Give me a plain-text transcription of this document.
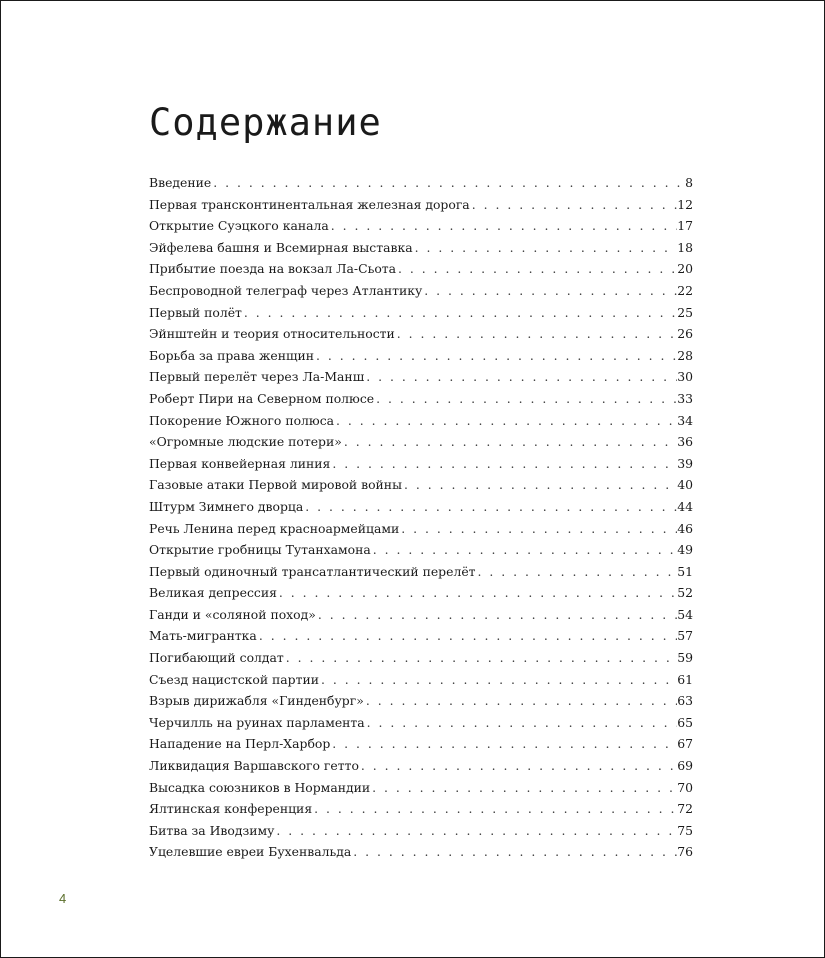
Содержание
Введение . . .	8
Первая трансконтинентальная железная дорога . . .	12
Открытие Суэцкого канала . . .	17
Эйфелева башня и Всемирная выставка . . .	18
Прибытие поезда на вокзал Ла-Сьота . . .	20
Беспроводной телеграф через Атлантику . . .	22
Первый полёт . . .	25
Эйнштейн и теория относительности . . .	26
Борьба за права женщин . . .	28
Первый перелёт через Ла-Манш . . .	30
Роберт Пири на Северном полюсе . . .	33
Покорение Южного полюса . . .	34
«Огромные людские потери» . . .	36
Первая конвейерная линия . . .	39
Газовые атаки Первой мировой войны . . .	40
Штурм Зимнего дворца . . .	44
Речь Ленина перед красноармейцами . . .	46
Открытие гробницы Тутанхамона . . .	49
Первый одиночный трансатлантический перелёт . . .	51
Великая депрессия . . .	52
Ганди и «соляной поход» . . .	54
Мать-мигрантка . . .	57
Погибающий солдат . . .	59
Съезд нацистской партии . . .	61
Взрыв дирижабля «Гинденбург» . . .	63
Черчилль на руинах парламента . . .	65
Нападение на Перл-Харбор . . .	67
Ликвидация Варшавского гетто . . .	69
Высадка союзников в Нормандии . . .	70
Ялтинская конференция . . .	72
Битва за Иводзиму . . .	75
Уцелевшие евреи Бухенвальда . . .	76
4
